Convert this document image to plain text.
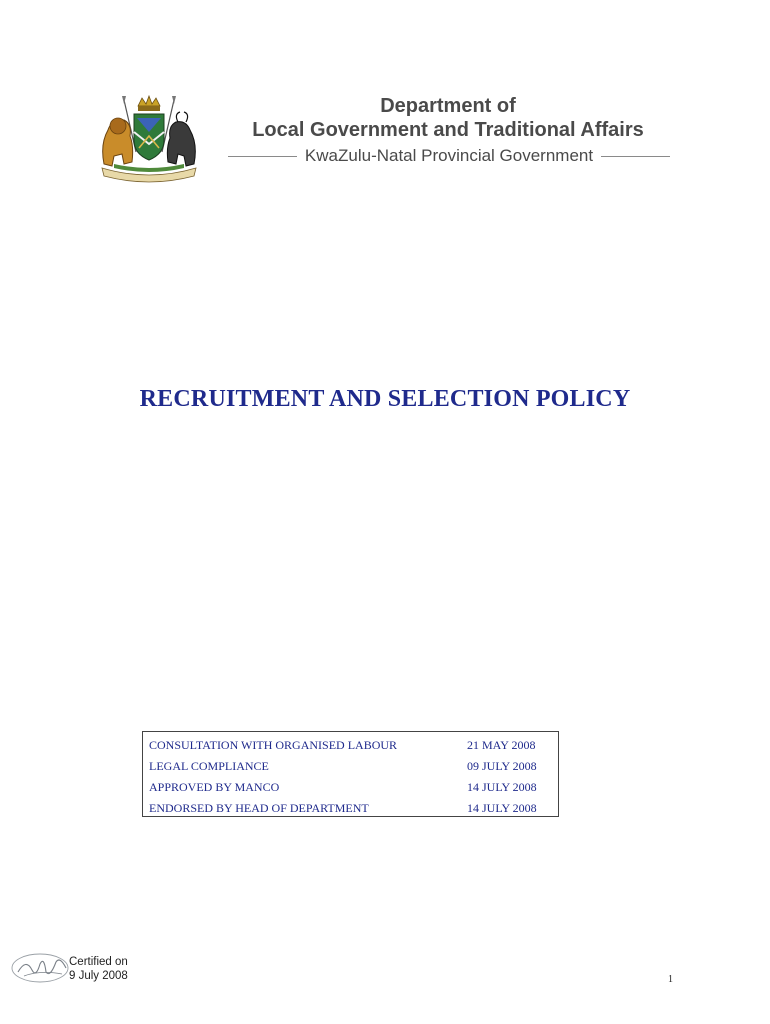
Department of
Local Government and Traditional Affairs
KwaZulu-Natal Provincial Government
RECRUITMENT AND SELECTION POLICY
CONSULTATION WITH ORGANISED LABOUR	21 MAY 2008
LEGAL COMPLIANCE	09 JULY 2008
APPROVED BY MANCO	14 JULY 2008
ENDORSED BY HEAD OF DEPARTMENT	14 JULY 2008
Certified on
9 July 2008	1
